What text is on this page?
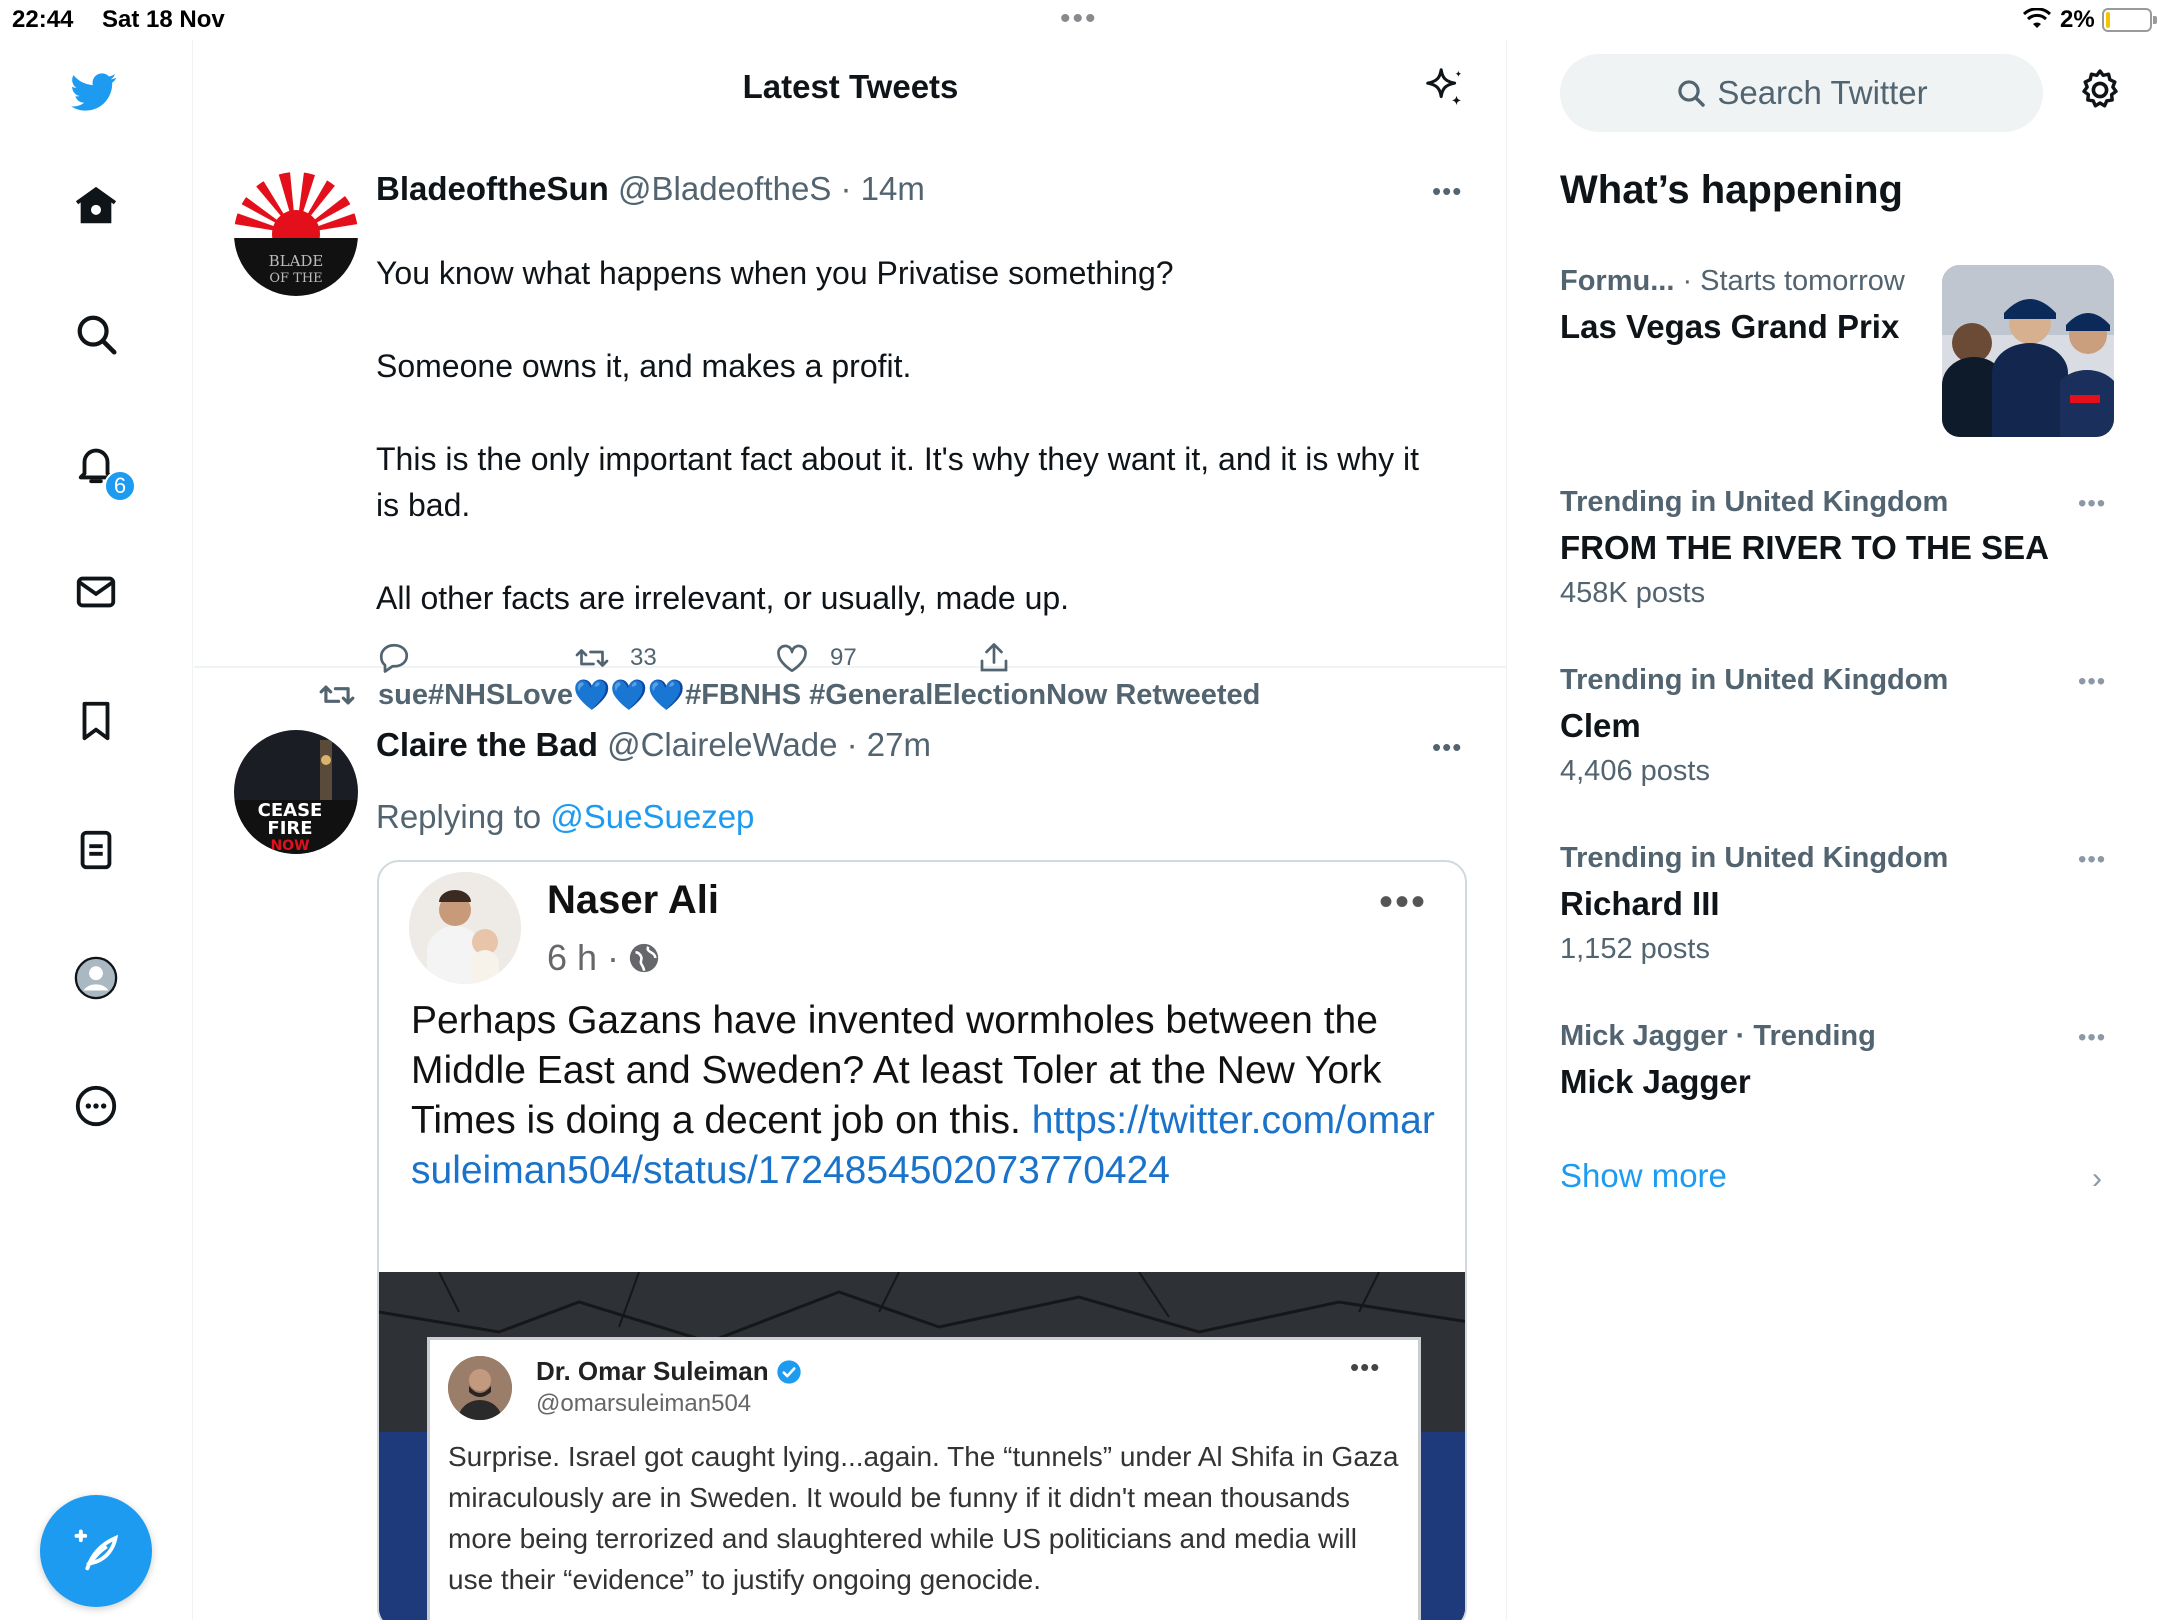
22:44 Sat 18 Nov	•••	2%
6
Latest Tweets
BLADE
OF THE
BladeoftheSun @BladeoftheS · 14m	•••

You know what happens when you Privatise something?

Someone owns it, and makes a profit.

This is the only important fact about it. It's why they want it, and it is why it is bad.

All other facts are irrelevant, or usually, made up.

33	97
sue#NHSLove 💙💙💙 #FBNHS #GeneralElectionNow Retweeted
CEASE
FIRE
NOW
Claire the Bad @ClaireleWade · 27m	•••
Replying to @SueSuezep
Naser Ali
6 h ·
•••
Perhaps Gazans have invented wormholes between the Middle East and Sweden? At least Toler at the New York Times is doing a decent job on this. https://twitter.com/omarsuleiman504/status/1724854502073770424
Dr. Omar Suleiman
@omarsuleiman504
•••
Surprise. Israel got caught lying...again. The “tunnels” under Al Shifa in Gaza miraculously are in Sweden. It would be funny if it didn't mean thousands more being terrorized and slaughtered while US politicians and media will use their “evidence” to justify ongoing genocide.
Search Twitter
What’s happening
Formu... · Starts tomorrow
Las Vegas Grand Prix
Trending in United Kingdom
FROM THE RIVER TO THE SEA
458K posts
•••
Trending in United Kingdom
Clem
4,406 posts
•••
Trending in United Kingdom
Richard III
1,152 posts
•••
Mick Jagger · Trending
Mick Jagger
•••
Show more	›
